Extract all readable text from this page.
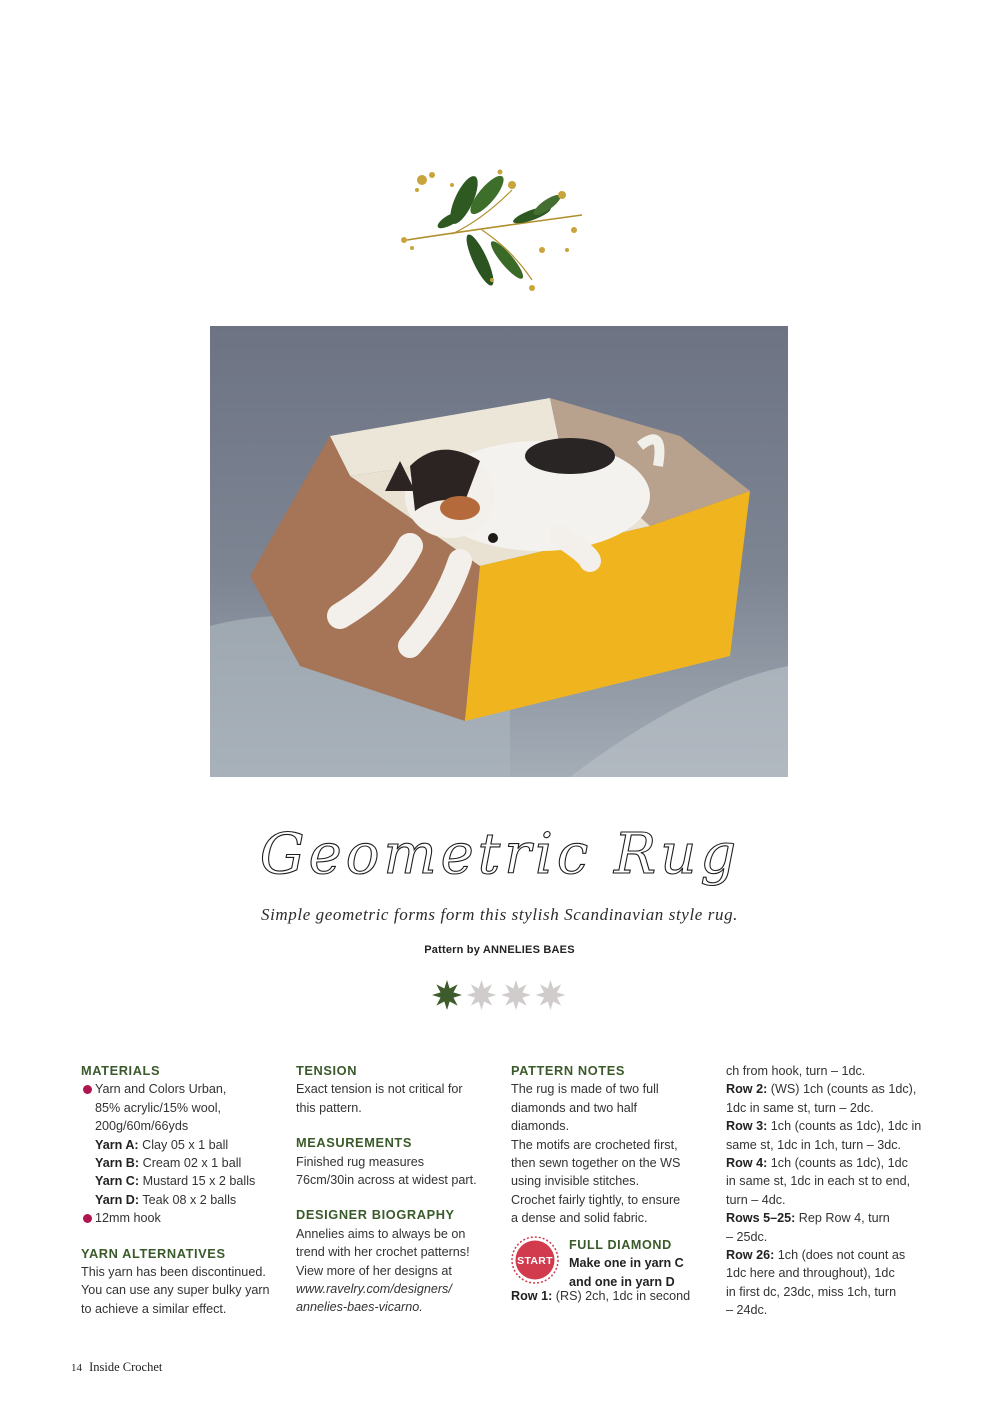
Geometric Rug
Simple geometric forms form this stylish Scandinavian style rug.
Pattern by ANNELIES BAES

MATERIALS

Yarn and Colors Urban,

85% acrylic/15% wool,

200g/60m/66yds

Yarn A: Clay 05 x 1 ball

Yarn B: Cream 02 x 1 ball

Yarn C: Mustard 15 x 2 balls

Yarn D: Teak 08 x 2 balls

12mm hook

YARN ALTERNATIVES

This yarn has been discontinued.

You can use any super bulky yarn

to achieve a similar effect.

TENSION

Exact tension is not critical for

this pattern.

MEASUREMENTS

Finished rug measures

76cm/30in across at widest part.

DESIGNER BIOGRAPHY

Annelies aims to always be on

trend with her crochet patterns!

View more of her designs at

www.ravelry.com/designers/

annelies-baes-vicarno.

PATTERN NOTES

The rug is made of two full

diamonds and two half

diamonds.

The motifs are crocheted first,

then sewn together on the WS

using invisible stitches.

Crochet fairly tightly, to ensure

a dense and solid fabric.

START

FULL DIAMOND

Make one in yarn C

and one in yarn D

Row 1: (RS) 2ch, 1dc in second

ch from hook, turn – 1dc.

Row 2: (WS) 1ch (counts as 1dc),

1dc in same st, turn – 2dc.

Row 3: 1ch (counts as 1dc), 1dc in

same st, 1dc in 1ch, turn – 3dc.

Row 4: 1ch (counts as 1dc), 1dc

in same st, 1dc in each st to end,

turn – 4dc.

Rows 5–25: Rep Row 4, turn

– 25dc.

Row 26: 1ch (does not count as

1dc here and throughout), 1dc

in first dc, 23dc, miss 1ch, turn

– 24dc.

14 Inside Crochet
